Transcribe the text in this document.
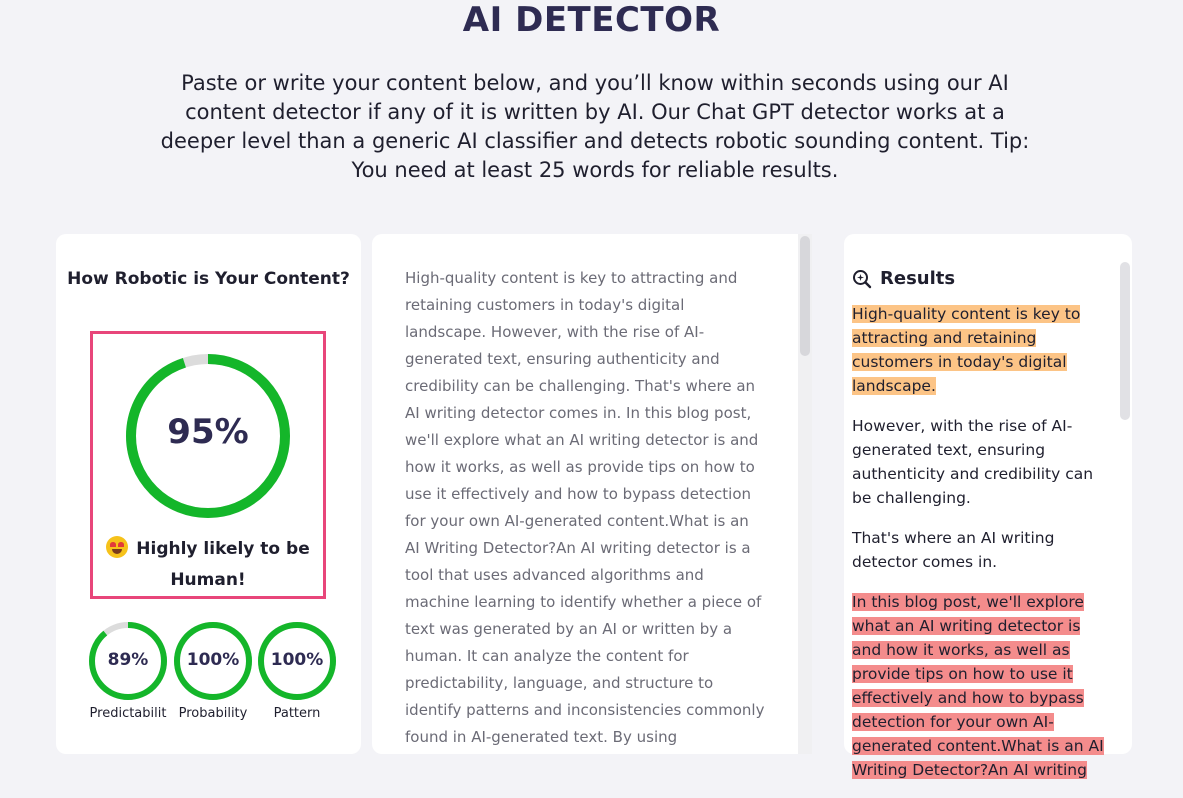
AI DETECTOR
Paste or write your content below, and you’ll know within seconds using our AI content detector if any of it is written by AI. Our Chat GPT detector works at a deeper level than a generic AI classifier and detects robotic sounding content. Tip: You need at least 25 words for reliable results.
How Robotic is Your Content?
95%
Highly likely to be Human!
89%
Predictabilit
100%
Probability
100%
Pattern
High-quality content is key to attracting and retaining customers in today's digital landscape. However, with the rise of AI-generated text, ensuring authenticity and credibility can be challenging. That's where an AI writing detector comes in. In this blog post, we'll explore what an AI writing detector is and how it works, as well as provide tips on how to use it effectively and how to bypass detection for your own AI-generated content.What is an AI Writing Detector?An AI writing detector is a tool that uses advanced algorithms and machine learning to identify whether a piece of text was generated by an AI or written by a human. It can analyze the content for predictability, language, and structure to identify patterns and inconsistencies commonly found in AI-generated text. By using
Results

High-quality content is key to attracting and retaining customers in today's digital landscape.

However, with the rise of AI-generated text, ensuring authenticity and credibility can be challenging.

That's where an AI writing detector comes in.

In this blog post, we'll explore what an AI writing detector is and how it works, as well as provide tips on how to use it effectively and how to bypass detection for your own AI-generated content.What is an AI Writing Detector?An AI writing
